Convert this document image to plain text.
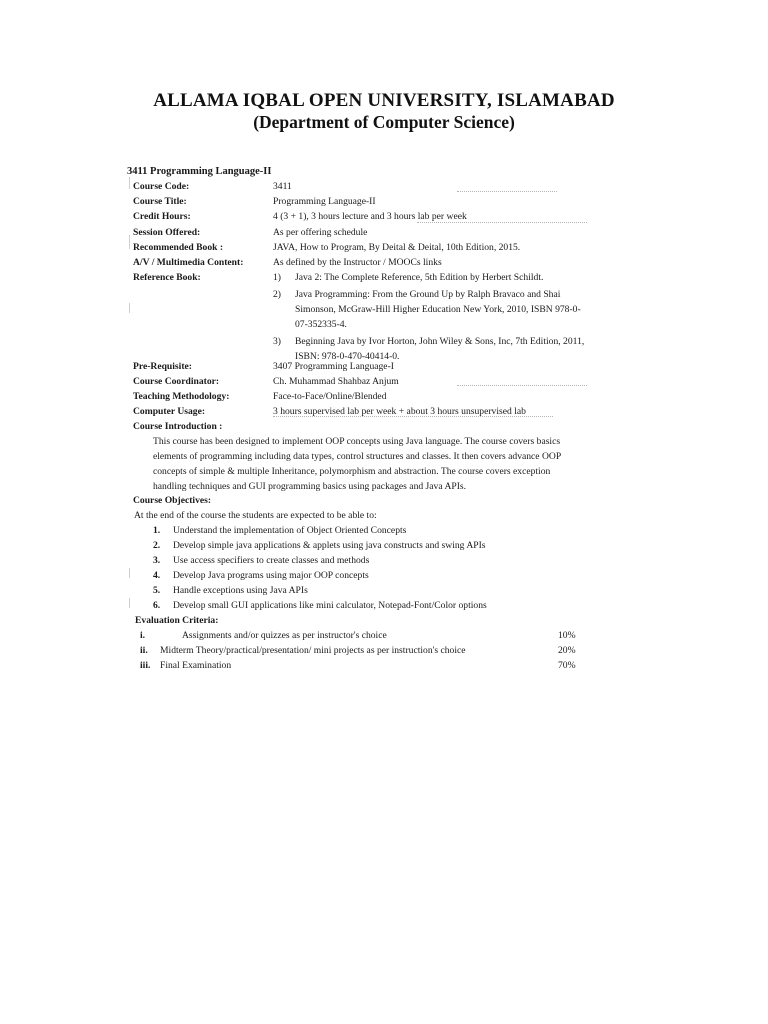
ALLAMA IQBAL OPEN UNIVERSITY, ISLAMABAD
(Department of Computer Science)
3411 Programming Language-II
Course Code:	3411
Course Title:	Programming Language-II
Credit Hours:	4 (3 + 1), 3 hours lecture and 3 hours lab per week
Session Offered:	As per offering schedule
Recommended Book :	JAVA, How to Program, By Deital & Deital, 10th Edition, 2015.
A/V / Multimedia Content:	As defined by the Instructor / MOOCs links
Reference Book:	1) Java 2: The Complete Reference, 5th Edition by Herbert Schildt.
2) Java Programming: From the Ground Up by Ralph Bravaco and Shai
Simonson, McGraw-Hill Higher Education New York, 2010, ISBN 978-0-
07-352335-4.
3) Beginning Java by Ivor Horton, John Wiley & Sons, Inc, 7th Edition, 2011,
ISBN: 978-0-470-40414-0.
Pre-Requisite:	3407 Programming Language-I
Course Coordinator:	Ch. Muhammad Shahbaz Anjum
Teaching Methodology:	Face-to-Face/Online/Blended
Computer Usage:	3 hours supervised lab per week + about 3 hours unsupervised lab
Course Introduction :
This course has been designed to implement OOP concepts using Java language. The course covers basics
elements of programming including data types, control structures and classes. It then covers advance OOP
concepts of simple & multiple Inheritance, polymorphism and abstraction. The course covers exception
handling techniques and GUI programming basics using packages and Java APIs.
Course Objectives:
At the end of the course the students are expected to be able to:
1. Understand the implementation of Object Oriented Concepts
2. Develop simple java applications & applets using java constructs and swing APIs
3. Use access specifiers to create classes and methods
4. Develop Java programs using major OOP concepts
5. Handle exceptions using Java APIs
6. Develop small GUI applications like mini calculator, Notepad-Font/Color options
Evaluation Criteria:
i.	Assignments and/or quizzes as per instructor's choice	10%
ii. Midterm Theory/practical/presentation/ mini projects as per instruction's choice	20%
iii. Final Examination	70%
